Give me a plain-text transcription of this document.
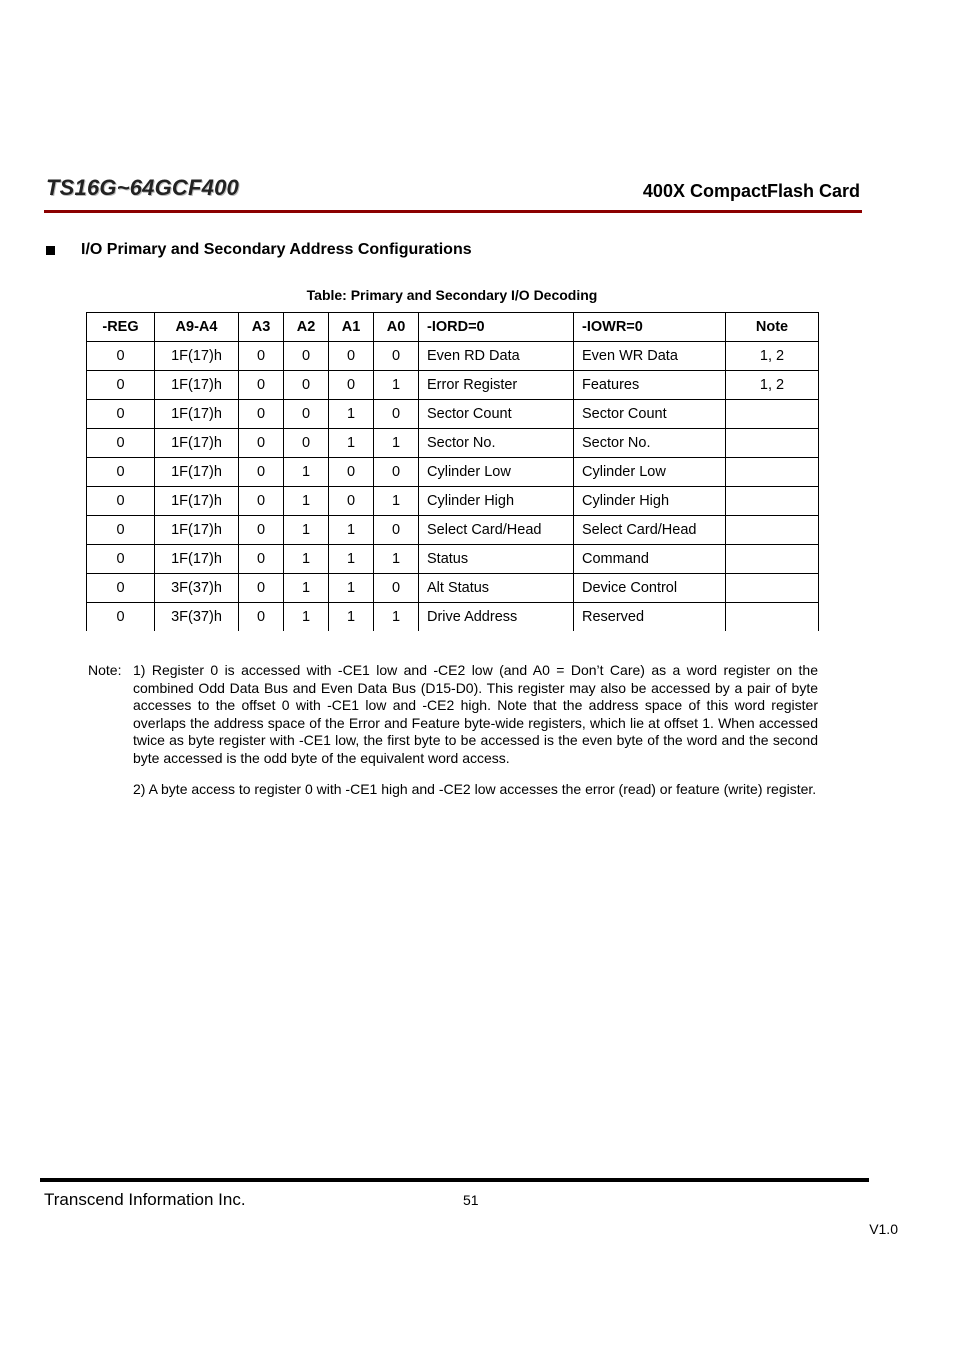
TS16G~64GCF400	400X CompactFlash Card
I/O Primary and Secondary Address Configurations
Table: Primary and Secondary I/O Decoding
-REG	A9-A4	A3	A2	A1	A0	-IORD=0	-IOWR=0	Note
0	1F(17)h	0	0	0	0	Even RD Data	Even WR Data	1, 2
0	1F(17)h	0	0	0	1	Error Register	Features	1, 2
0	1F(17)h	0	0	1	0	Sector Count	Sector Count	
0	1F(17)h	0	0	1	1	Sector No.	Sector No.	
0	1F(17)h	0	1	0	0	Cylinder Low	Cylinder Low	
0	1F(17)h	0	1	0	1	Cylinder High	Cylinder High	
0	1F(17)h	0	1	1	0	Select Card/Head	Select Card/Head	
0	1F(17)h	0	1	1	1	Status	Command	
0	3F(37)h	0	1	1	0	Alt Status	Device Control	
0	3F(37)h	0	1	1	1	Drive Address	Reserved	
Note: 1) Register 0 is accessed with -CE1 low and -CE2 low (and A0 = Don’t Care) as a word register on the combined Odd Data Bus and Even Data Bus (D15-D0). This register may also be accessed by a pair of byte accesses to the offset 0 with -CE1 low and -CE2 high. Note that the address space of this word register overlaps the address space of the Error and Feature byte-wide registers, which lie at offset 1. When accessed twice as byte register with -CE1 low, the first byte to be accessed is the even byte of the word and the second byte accessed is the odd byte of the equivalent word access.

2) A byte access to register 0 with -CE1 high and -CE2 low accesses the error (read) or feature (write) register.

Transcend Information Inc.	51
V1.0
